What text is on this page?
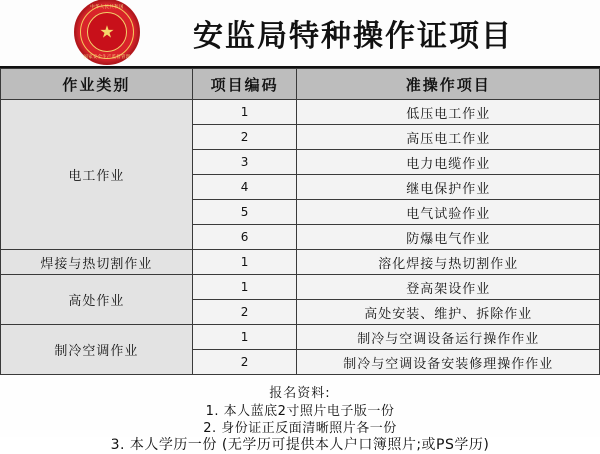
中华人民共和国
★
国家安全生产监督管理
安监局特种操作证项目
作业类别	项目编码	准操作项目
电工作业	1	低压电工作业
	2	高压电工作业
	3	电力电缆作业
	4	继电保护作业
	5	电气试验作业
	6	防爆电气作业
焊接与热切割作业	1	溶化焊接与热切割作业
高处作业	1	登高架设作业
	2	高处安装、维护、拆除作业
制冷空调作业	1	制冷与空调设备运行操作作业
	2	制冷与空调设备安装修理操作作业
报名资料:
1. 本人蓝底2寸照片电子版一份
2. 身份证正反面清晰照片各一份
3. 本人学历一份 (无学历可提供本人户口簿照片;或PS学历)
